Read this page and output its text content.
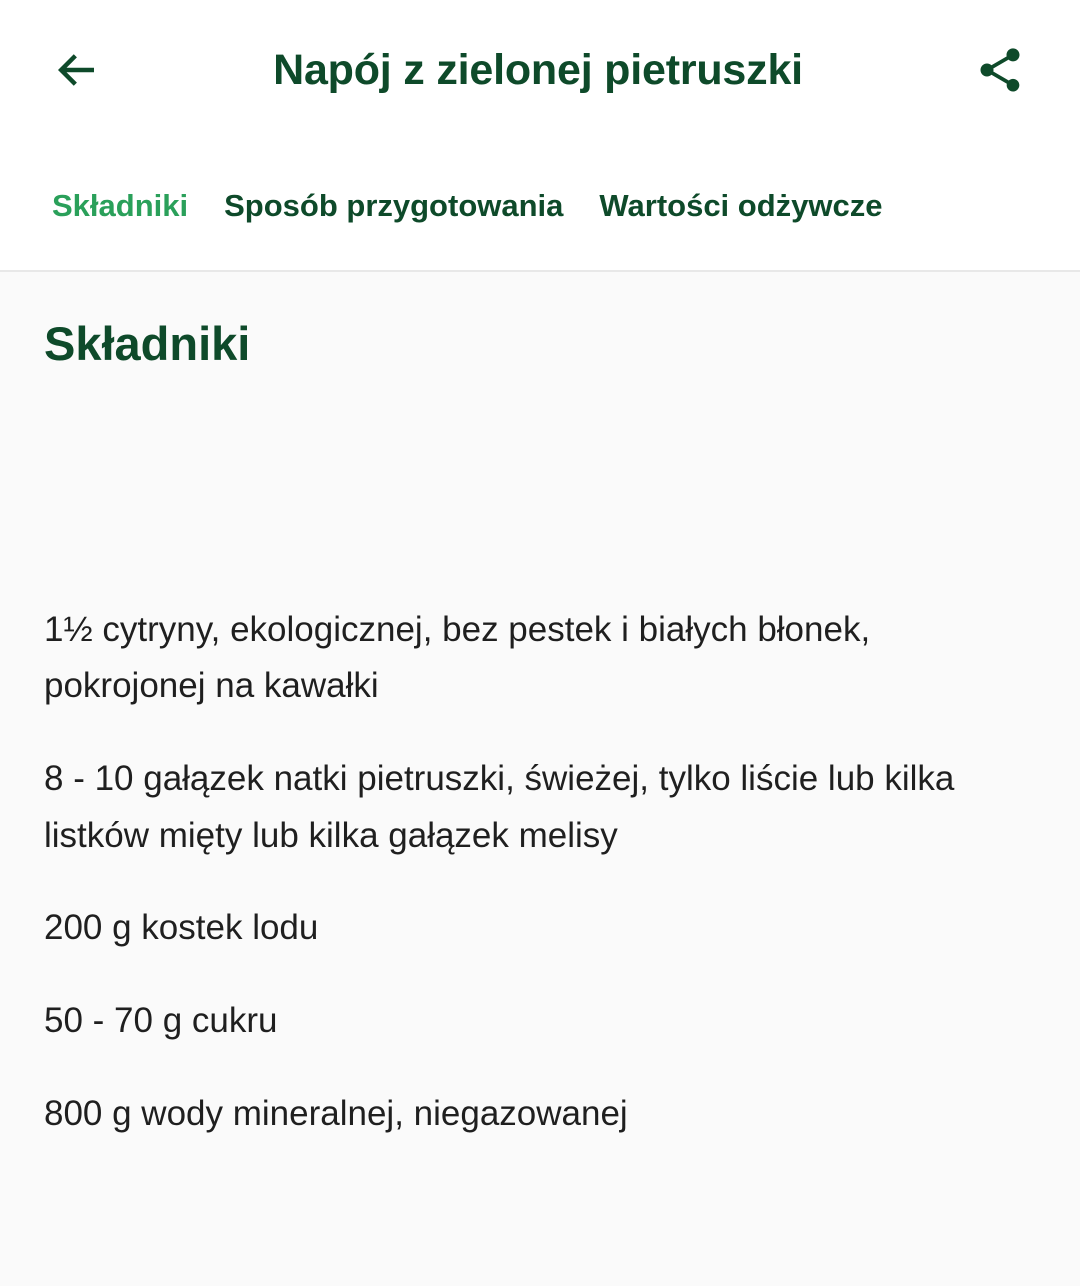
Napój z zielonej pietruszki
Składniki	Sposób przygotowania	Wartości odżywcze
Składniki
1½ cytryny, ekologicznej, bez pestek i białych błonek, pokrojonej na kawałki
8 - 10 gałązek natki pietruszki, świeżej, tylko liście lub kilka listków mięty lub kilka gałązek melisy
200 g kostek lodu
50 - 70 g cukru
800 g wody mineralnej, niegazowanej
